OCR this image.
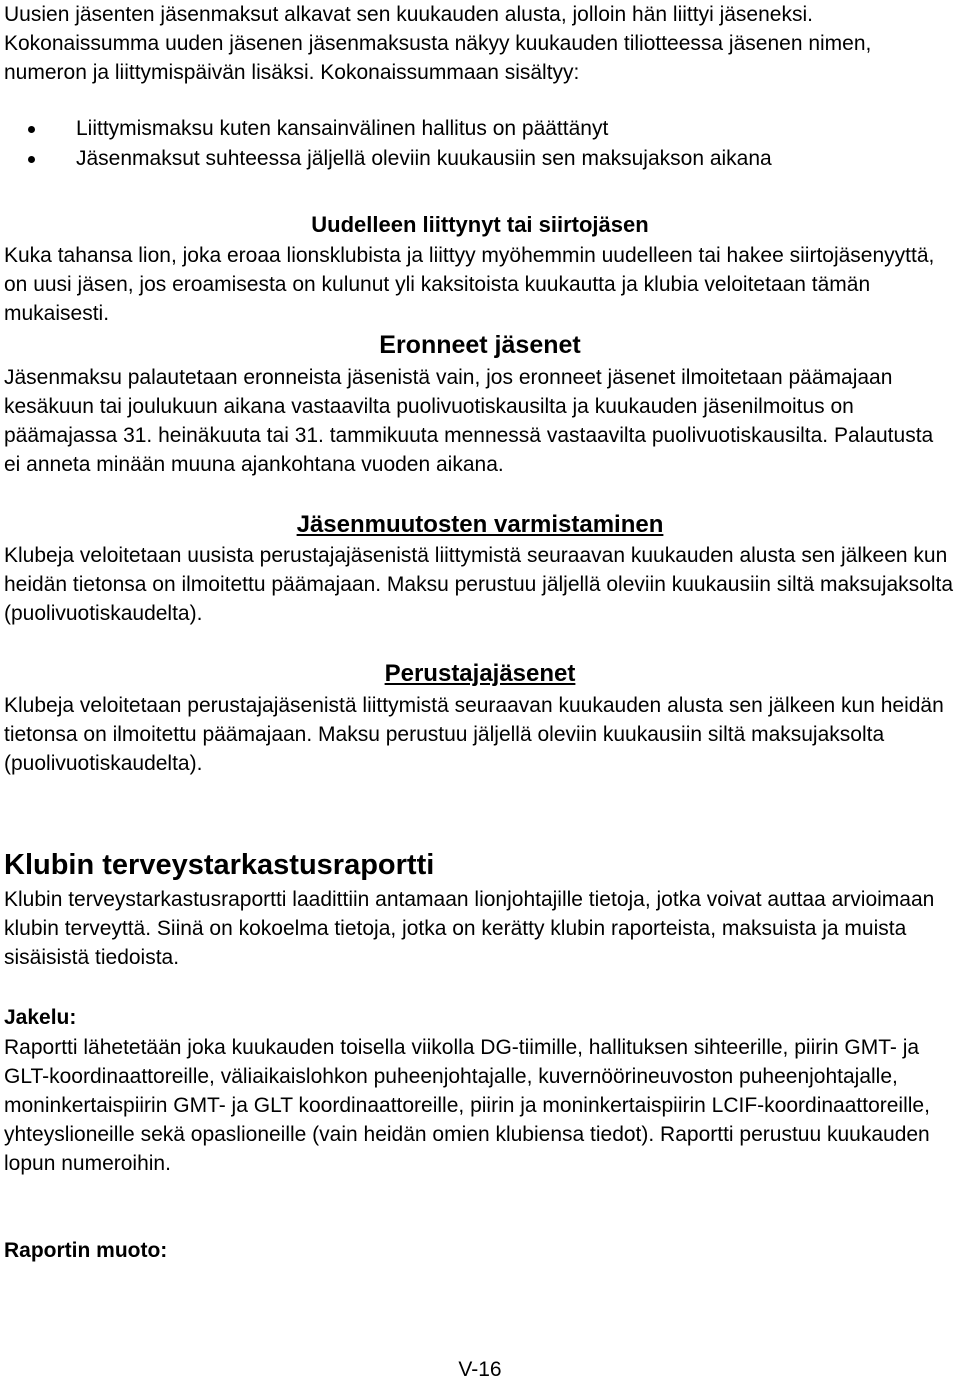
Uusien jäsenten jäsenmaksut alkavat sen kuukauden alusta, jolloin hän liittyi jäseneksi. Kokonaissumma uuden jäsenen jäsenmaksusta näkyy kuukauden tiliotteessa jäsenen nimen, numeron ja liittymispäivän lisäksi. Kokonaissummaan sisältyy:

Liittymismaksu kuten kansainvälinen hallitus on päättänyt
Jäsenmaksut suhteessa jäljellä oleviin kuukausiin sen maksujakson aikana
Uudelleen liittynyt tai siirtojäsen

Kuka tahansa lion, joka eroaa lionsklubista ja liittyy myöhemmin uudelleen tai hakee siirtojäsenyyttä, on uusi jäsen, jos eroamisesta on kulunut yli kaksitoista kuukautta ja klubia veloitetaan tämän mukaisesti.

Eronneet jäsenet

Jäsenmaksu palautetaan eronneista jäsenistä vain, jos eronneet jäsenet ilmoitetaan päämajaan kesäkuun tai joulukuun aikana vastaavilta puolivuotiskausilta ja kuukauden jäsenilmoitus on päämajassa 31. heinäkuuta tai 31. tammikuuta mennessä vastaavilta puolivuotiskausilta. Palautusta ei anneta minään muuna ajankohtana vuoden aikana.

Jäsenmuutosten varmistaminen

Klubeja veloitetaan uusista perustajajäsenistä liittymistä seuraavan kuukauden alusta sen jälkeen kun heidän tietonsa on ilmoitettu päämajaan. Maksu perustuu jäljellä oleviin kuukausiin siltä maksujaksolta (puolivuotiskaudelta).

Perustajajäsenet

Klubeja veloitetaan perustajajäsenistä liittymistä seuraavan kuukauden alusta sen jälkeen kun heidän tietonsa on ilmoitettu päämajaan. Maksu perustuu jäljellä oleviin kuukausiin siltä maksujaksolta (puolivuotiskaudelta).

Klubin terveystarkastusraportti

Klubin terveystarkastusraportti laadittiin antamaan lionjohtajille tietoja, jotka voivat auttaa arvioimaan klubin terveyttä. Siinä on kokoelma tietoja, jotka on kerätty klubin raporteista, maksuista ja muista sisäisistä tiedoista.

Jakelu:

Raportti lähetetään joka kuukauden toisella viikolla DG-tiimille, hallituksen sihteerille, piirin GMT- ja GLT-koordinaattoreille, väliaikaislohkon puheenjohtajalle, kuvernöörineuvoston puheenjohtajalle, moninkertaispiirin GMT- ja GLT koordinaattoreille, piirin ja moninkertaispiirin LCIF-koordinaattoreille, yhteyslioneille sekä opaslioneille (vain heidän omien klubiensa tiedot). Raportti perustuu kuukauden lopun numeroihin.

Raportin muoto:

V-16
